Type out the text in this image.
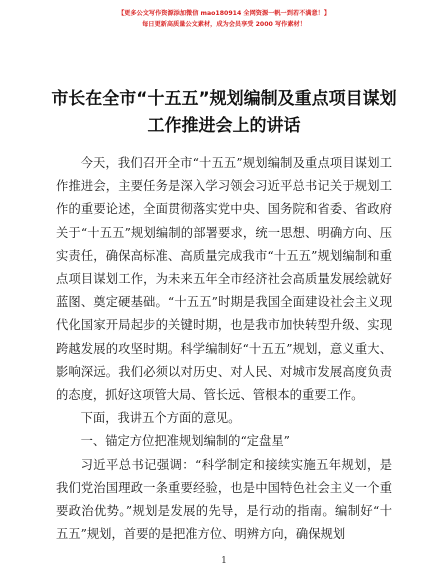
【更多公文写作资源添加微信 mao180914 全网资源一帆一到若不满意！】
每日更新高质量公文素材，成为会员享受 2000 写作素材！
市长在全市“十五五”规划编制及重点项目谋划工作推进会上的讲话

今天，我们召开全市“十五五”规划编制及重点项目谋划工作推进会，主要任务是深入学习领会习近平总书记关于规划工作的重要论述，全面贯彻落实党中央、国务院和省委、省政府关于“十五五”规划编制的部署要求，统一思想、明确方向、压实责任，确保高标准、高质量完成我市“十五五”规划编制和重点项目谋划工作，为未来五年全市经济社会高质量发展绘就好蓝图、奠定硬基础。“十五五”时期是我国全面建设社会主义现代化国家开局起步的关键时期，也是我市加快转型升级、实现跨越发展的攻坚时期。科学编制好“十五五”规划，意义重大、影响深远。我们必须以对历史、对人民、对城市发展高度负责的态度，抓好这项管大局、管长远、管根本的重要工作。

下面，我讲五个方面的意见。

一、锚定方位把准规划编制的“定盘星”

习近平总书记强调：“科学制定和接续实施五年规划，是我们党治国理政一条重要经验，也是中国特色社会主义一个重要政治优势。”规划是发展的先导，是行动的指南。编制好“十五五”规划，首要的是把准方位、明辨方向，确保规划

1
